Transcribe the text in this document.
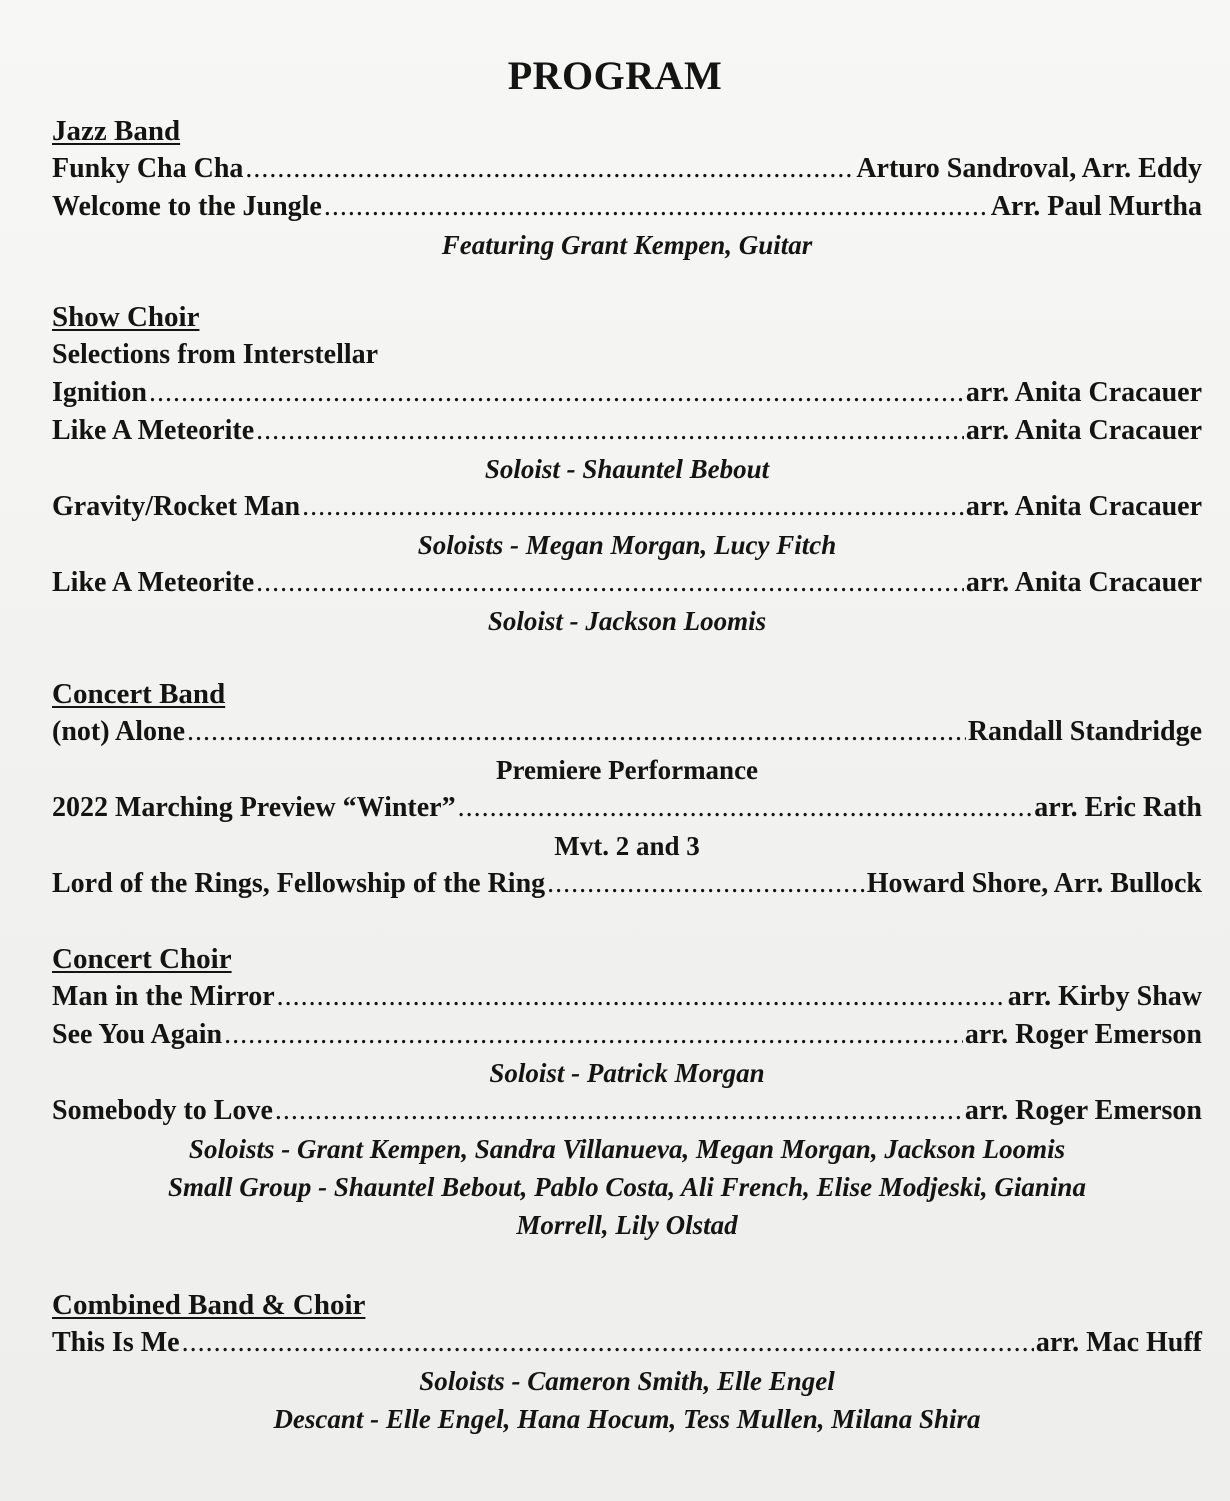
PROGRAM
Jazz Band
Funky Cha Cha .....	Arturo Sandroval, Arr. Eddy
Welcome to the Jungle .....	Arr. Paul Murtha
Featuring Grant Kempen, Guitar
Show Choir
Selections from Interstellar
Ignition .....	arr. Anita Cracauer
Like A Meteorite .....	arr. Anita Cracauer
Soloist - Shauntel Bebout
Gravity/Rocket Man .....	arr. Anita Cracauer
Soloists - Megan Morgan, Lucy Fitch
Like A Meteorite .....	arr. Anita Cracauer
Soloist - Jackson Loomis
Concert Band
(not) Alone .....	Randall Standridge
Premiere Performance
2022 Marching Preview “Winter” .....	arr. Eric Rath
Mvt. 2 and 3
Lord of the Rings, Fellowship of the Ring .....	Howard Shore, Arr. Bullock
Concert Choir
Man in the Mirror .....	arr. Kirby Shaw
See You Again .....	arr. Roger Emerson
Soloist - Patrick Morgan
Somebody to Love .....	arr. Roger Emerson
Soloists - Grant Kempen, Sandra Villanueva, Megan Morgan, Jackson Loomis
Small Group - Shauntel Bebout, Pablo Costa, Ali French, Elise Modjeski, Gianina
Morrell, Lily Olstad
Combined Band & Choir
This Is Me .....	arr. Mac Huff
Soloists - Cameron Smith, Elle Engel
Descant - Elle Engel, Hana Hocum, Tess Mullen, Milana Shira
